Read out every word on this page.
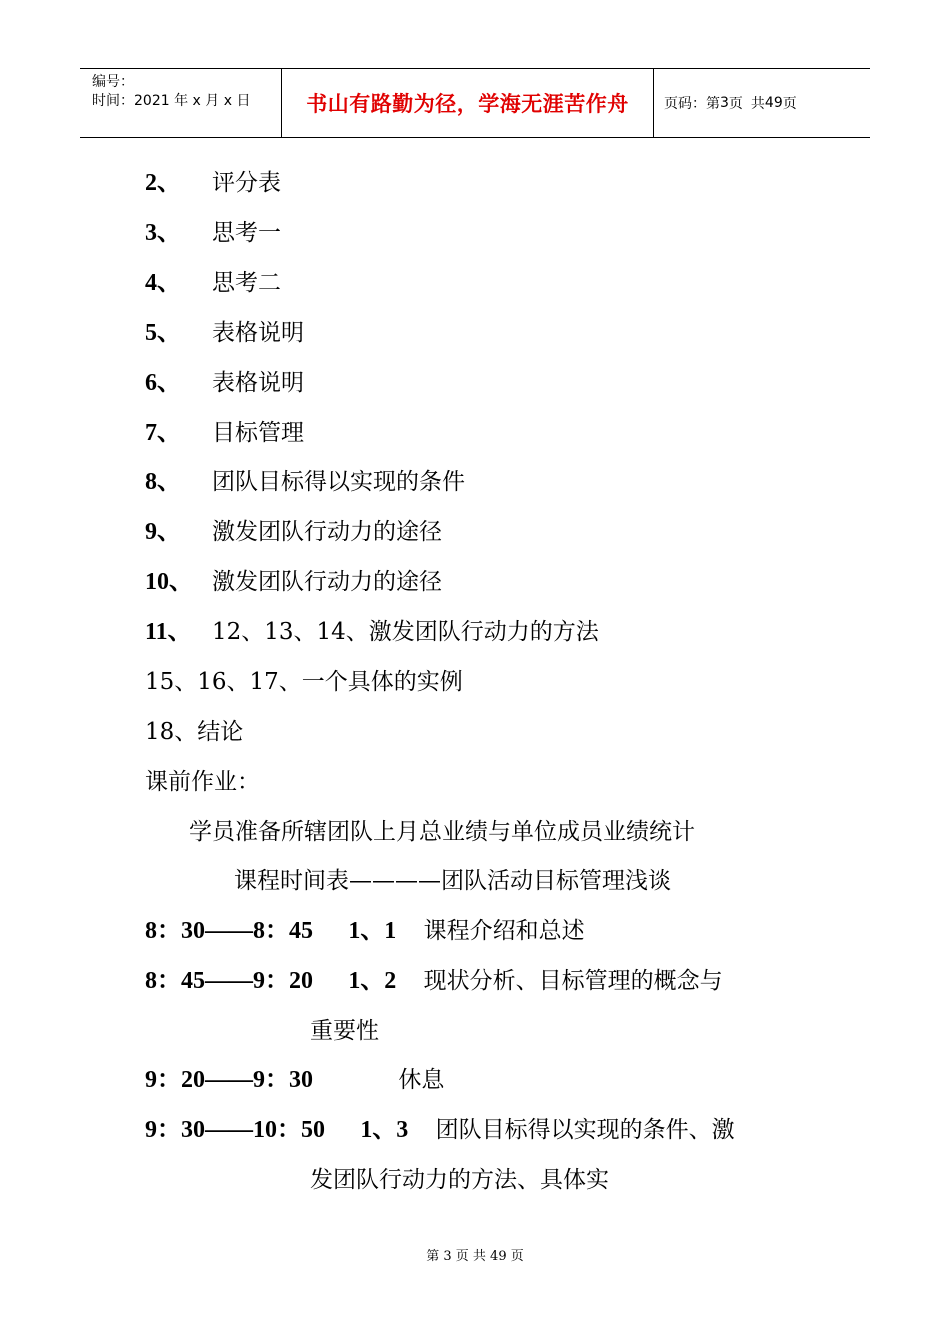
编号：
时间：2021 年 x 月 x 日	书山有路勤为径，学海无涯苦作舟	页码：第 3 页 共 49 页
2、 评分表
3、 思考一
4、 思考二
5、 表格说明
6、 表格说明
7、 目标管理
8、 团队目标得以实现的条件
9、 激发团队行动力的途径
10、 激发团队行动力的途径
11、 12、13、14、激发团队行动力的方法
15、16、17、一个具体的实例
18、结论
课前作业：
学员准备所辖团队上月总业绩与单位成员业绩统计
课程时间表————团队活动目标管理浅谈
8：30——8：45 1、1 课程介绍和总述
8：45——9：20 1、2 现状分析、目标管理的概念与
重要性
9：20——9：30	休息
9：30——10：50 1、3 团队目标得以实现的条件、激
发团队行动力的方法、具体实
第 3 页 共 49 页
